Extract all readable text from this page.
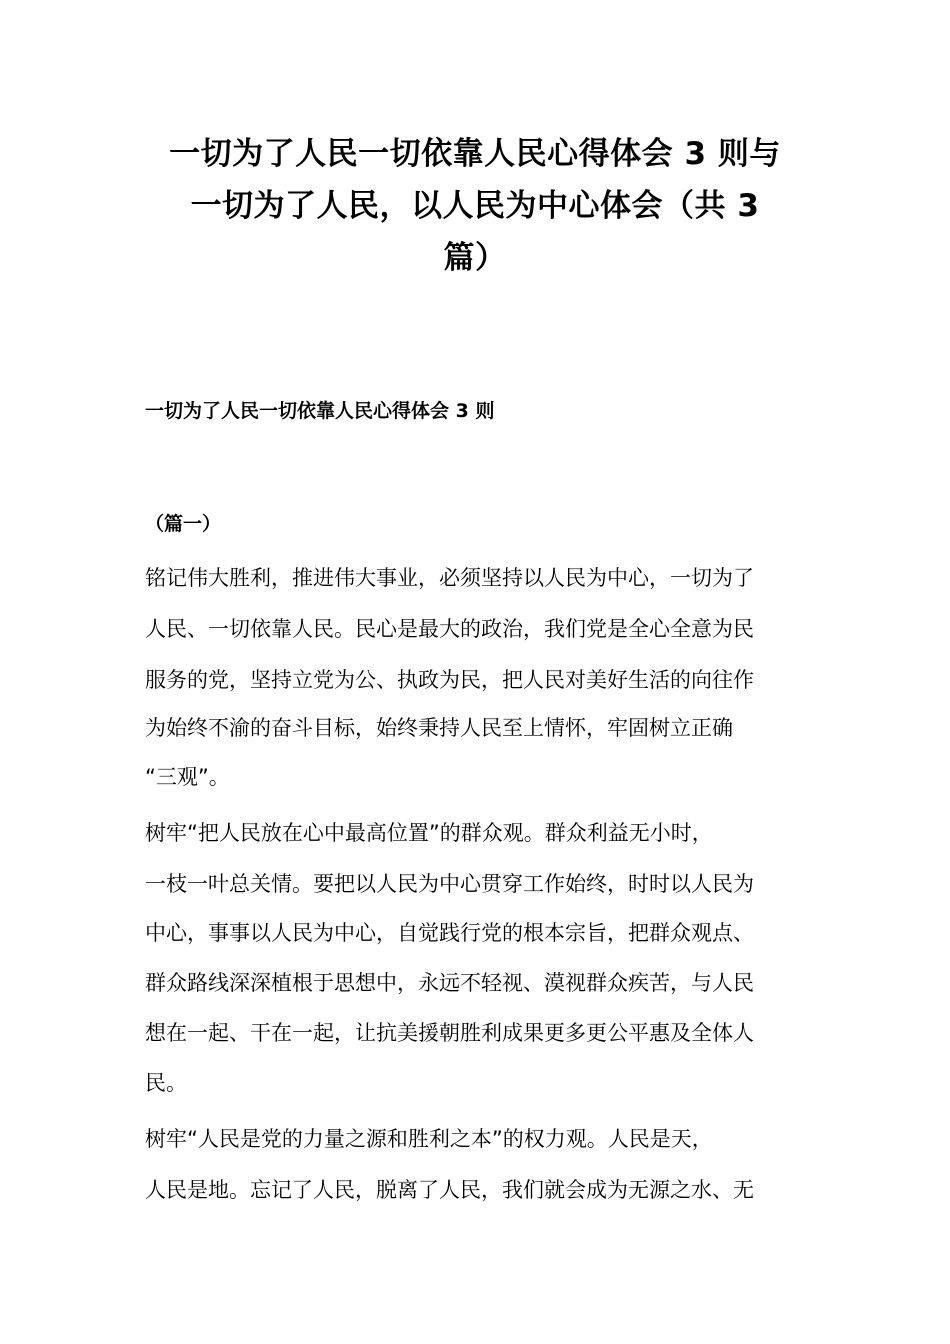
一切为了人民一切依靠人民心得体会 3 则与
一切为了人民，以人民为中心体会（共 3
篇）
一切为了人民一切依靠人民心得体会 3 则

（篇一）

铭记伟大胜利，推进伟大事业，必须坚持以人民为中心，一切为了

人民、一切依靠人民。民心是最大的政治，我们党是全心全意为民

服务的党，坚持立党为公、执政为民，把人民对美好生活的向往作

为始终不渝的奋斗目标，始终秉持人民至上情怀，牢固树立正确

“三观”。

树牢“把人民放在心中最高位置”的群众观。群众利益无小时，

一枝一叶总关情。要把以人民为中心贯穿工作始终，时时以人民为

中心，事事以人民为中心，自觉践行党的根本宗旨，把群众观点、

群众路线深深植根于思想中，永远不轻视、漠视群众疾苦，与人民

想在一起、干在一起，让抗美援朝胜利成果更多更公平惠及全体人

民。

树牢“人民是党的力量之源和胜利之本”的权力观。人民是天，

人民是地。忘记了人民，脱离了人民，我们就会成为无源之水、无
